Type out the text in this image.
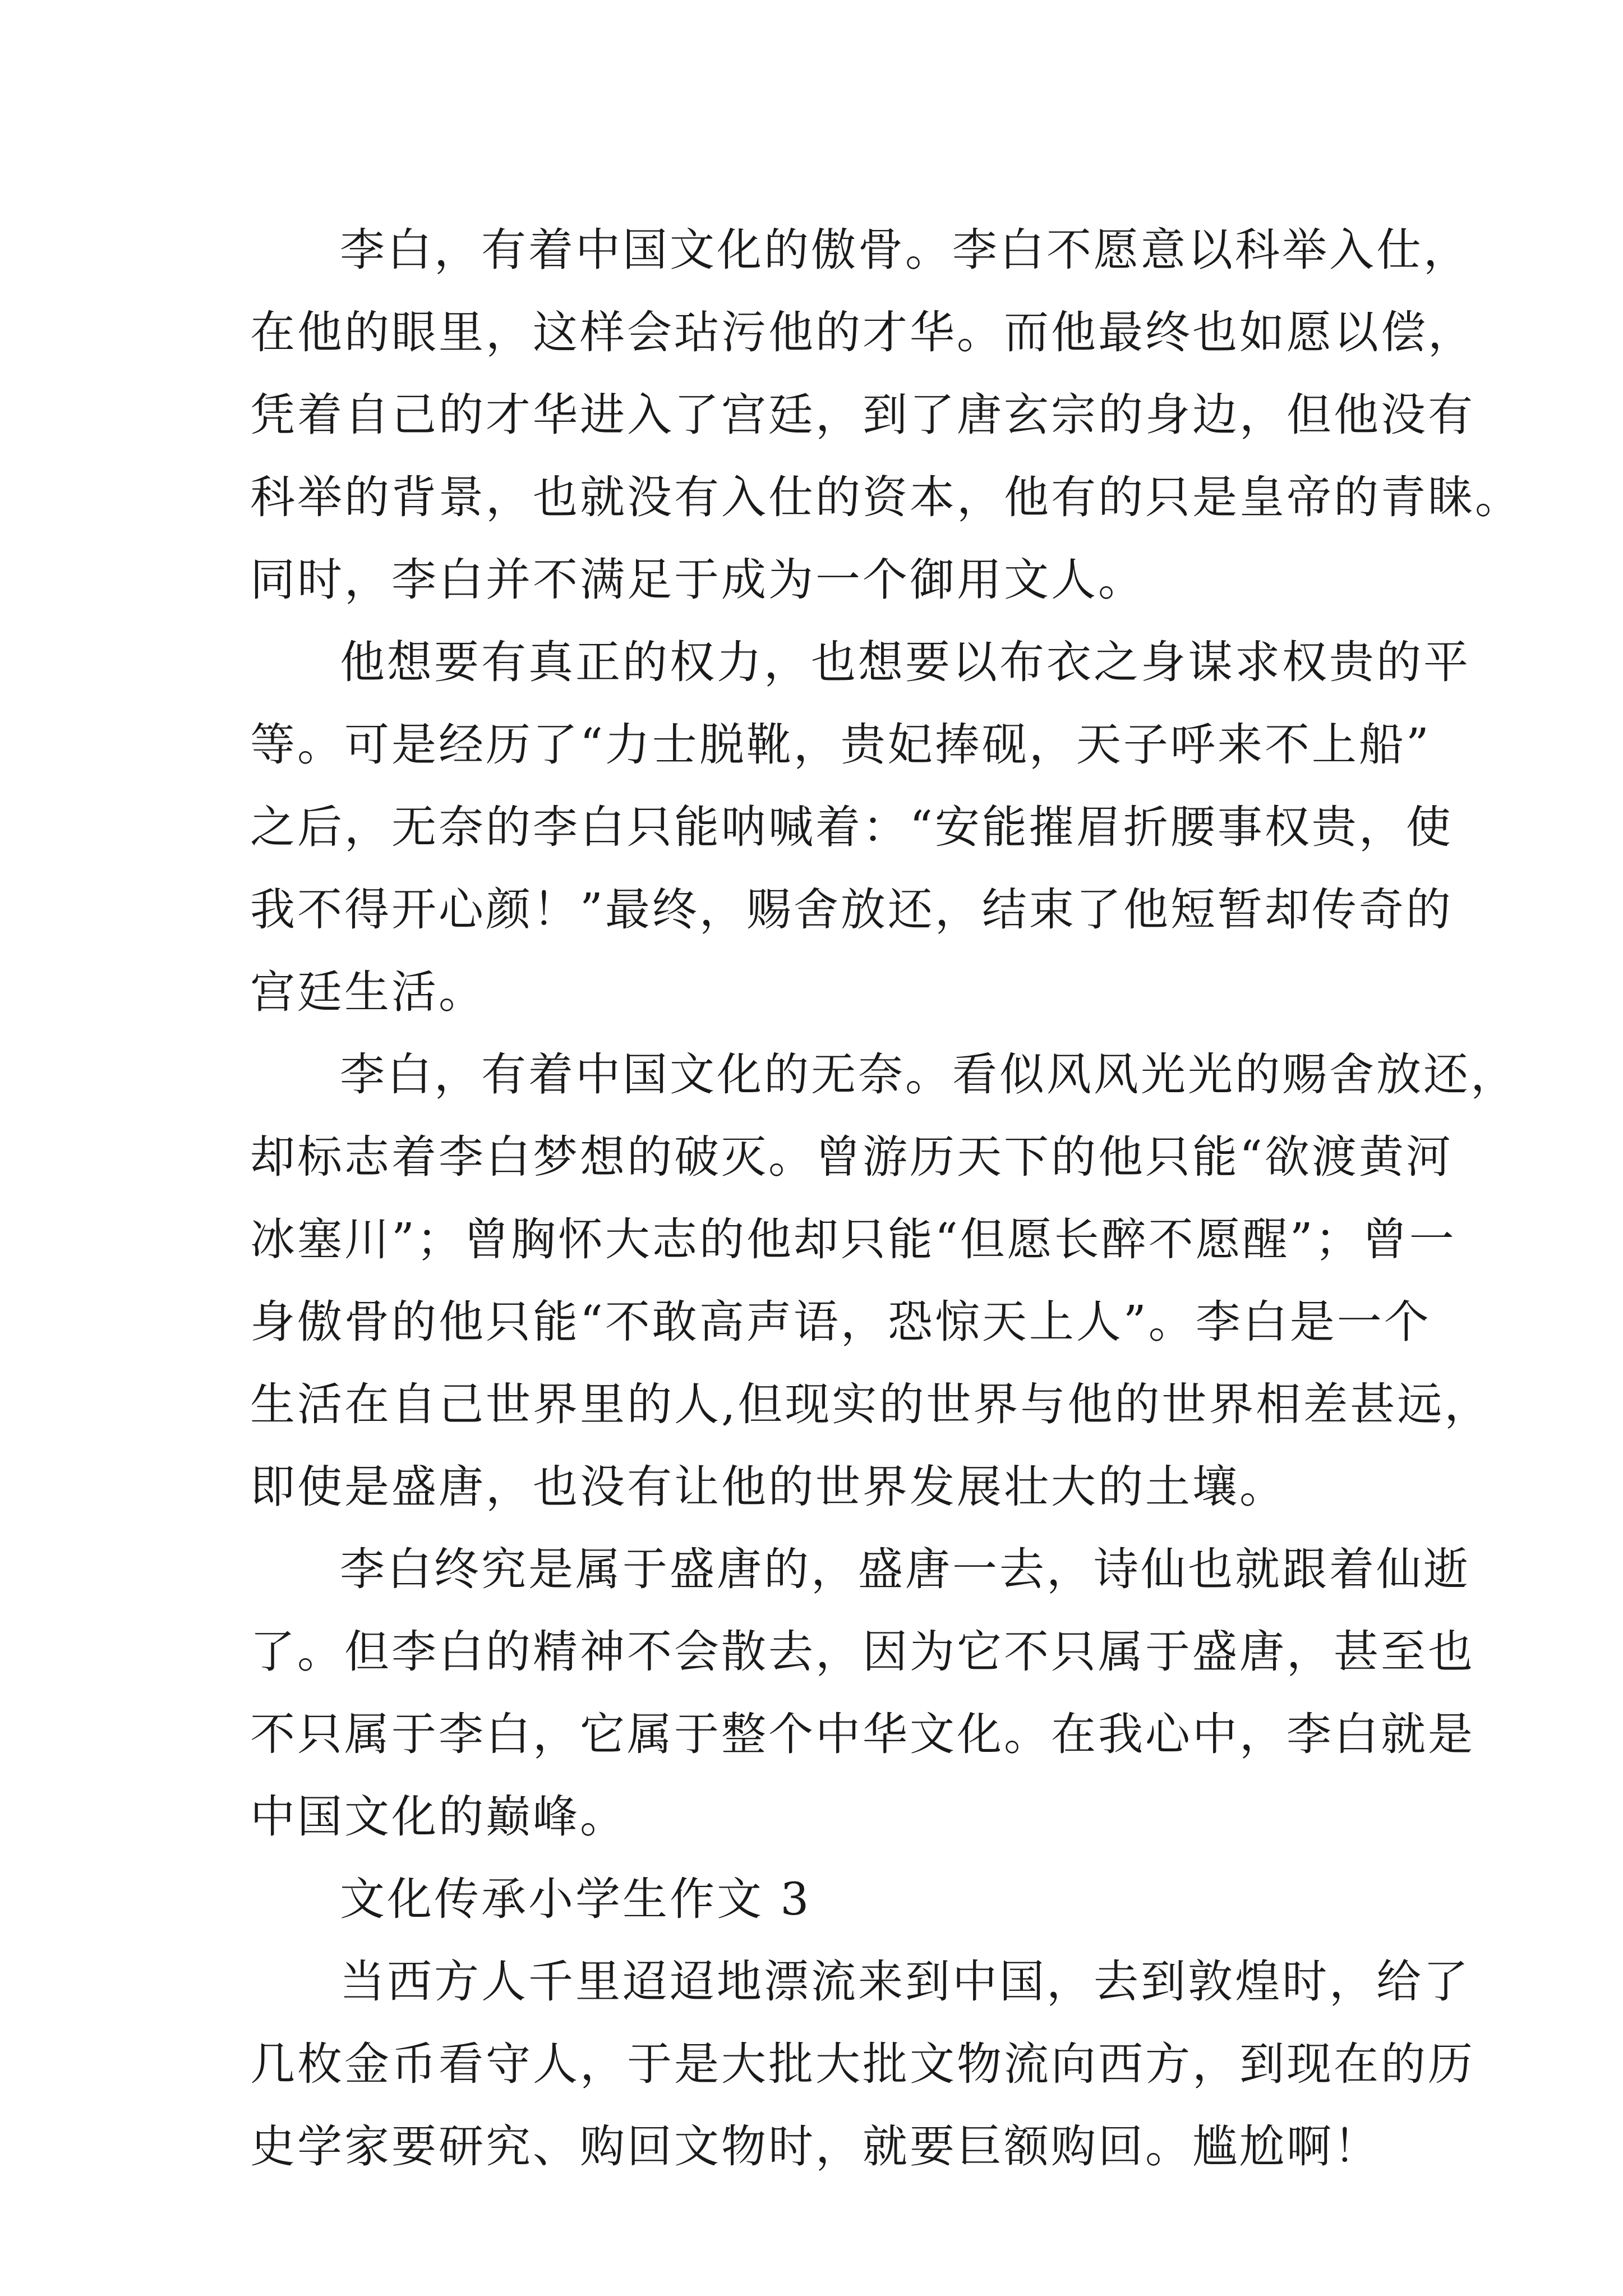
李白，有着中国文化的傲骨。李白不愿意以科举入仕，
在他的眼里，这样会玷污他的才华。而他最终也如愿以偿，
凭着自己的才华进入了宫廷，到了唐玄宗的身边，但他没有
科举的背景，也就没有入仕的资本，他有的只是皇帝的青睐。
同时，李白并不满足于成为一个御用文人。
他想要有真正的权力，也想要以布衣之身谋求权贵的平
等。可是经历了“力士脱靴，贵妃捧砚，天子呼来不上船”
之后，无奈的李白只能呐喊着：“安能摧眉折腰事权贵，使
我不得开心颜！”最终，赐舍放还，结束了他短暂却传奇的
宫廷生活。
李白，有着中国文化的无奈。看似风风光光的赐舍放还，
却标志着李白梦想的破灭。曾游历天下的他只能“欲渡黄河
冰塞川”；曾胸怀大志的他却只能“但愿长醉不愿醒”；曾一
身傲骨的他只能“不敢高声语，恐惊天上人”。李白是一个
生活在自己世界里的人,但现实的世界与他的世界相差甚远，
即使是盛唐，也没有让他的世界发展壮大的土壤。
李白终究是属于盛唐的，盛唐一去，诗仙也就跟着仙逝
了。但李白的精神不会散去，因为它不只属于盛唐，甚至也
不只属于李白，它属于整个中华文化。在我心中，李白就是
中国文化的巅峰。
文化传承小学生作文 3
当西方人千里迢迢地漂流来到中国，去到敦煌时，给了
几枚金币看守人，于是大批大批文物流向西方，到现在的历
史学家要研究、购回文物时，就要巨额购回。尴尬啊！
